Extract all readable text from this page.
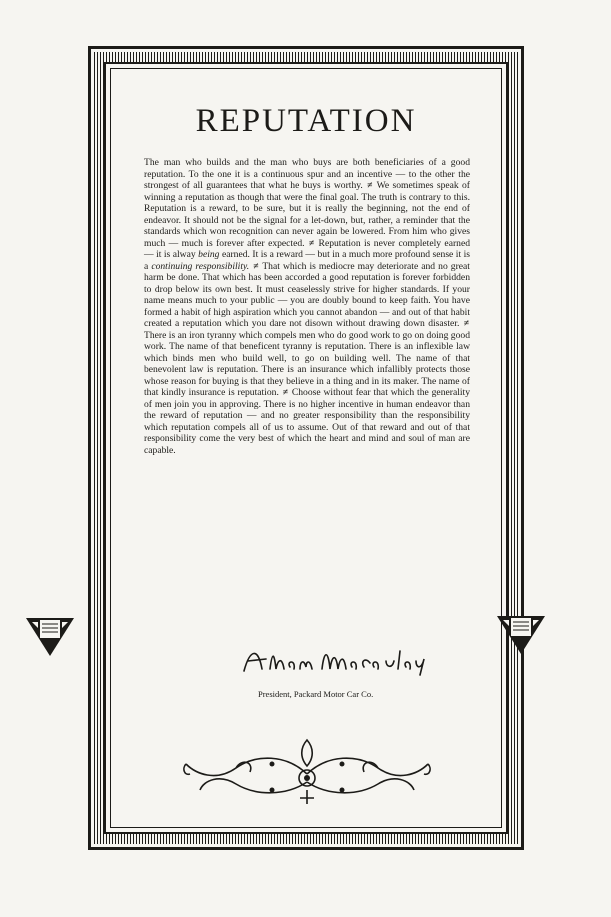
REPUTATION

The man who builds and the man who buys are both beneficiaries of a good reputation. To the one it is a continuous spur and an incentive — to the other the strongest of all guarantees that what he buys is worthy. ≠ We sometimes speak of winning a reputation as though that were the final goal. The truth is contrary to this. Reputation is a reward, to be sure, but it is really the beginning, not the end of endeavor. It should not be the signal for a let-down, but, rather, a reminder that the standards which won recognition can never again be lowered. From him who gives much — much is forever after expected. ≠ Reputation is never completely earned — it is alway being earned. It is a reward — but in a much more profound sense it is a continuing responsibility. ≠ That which is mediocre may deteriorate and no great harm be done. That which has been accorded a good reputation is forever forbidden to drop below its own best. It must ceaselessly strive for higher standards. If your name means much to your public — you are doubly bound to keep faith. You have formed a habit of high aspiration which you cannot abandon — and out of that habit created a reputation which you dare not disown without drawing down disaster. ≠ There is an iron tyranny which compels men who do good work to go on doing good work. The name of that beneficent tyranny is reputation. There is an inflexible law which binds men who build well, to go on building well. The name of that benevolent law is reputation. There is an insurance which infallibly protects those whose reason for buying is that they believe in a thing and in its maker. The name of that kindly insurance is reputation. ≠ Choose without fear that which the generality of men join you in approving. There is no higher incentive in human endeavor than the reward of reputation — and no greater responsibility than the responsibility which reputation compels all of us to assume. Out of that reward and out of that responsibility come the very best of which the heart and mind and soul of man are capable.

President, Packard Motor Car Co.
